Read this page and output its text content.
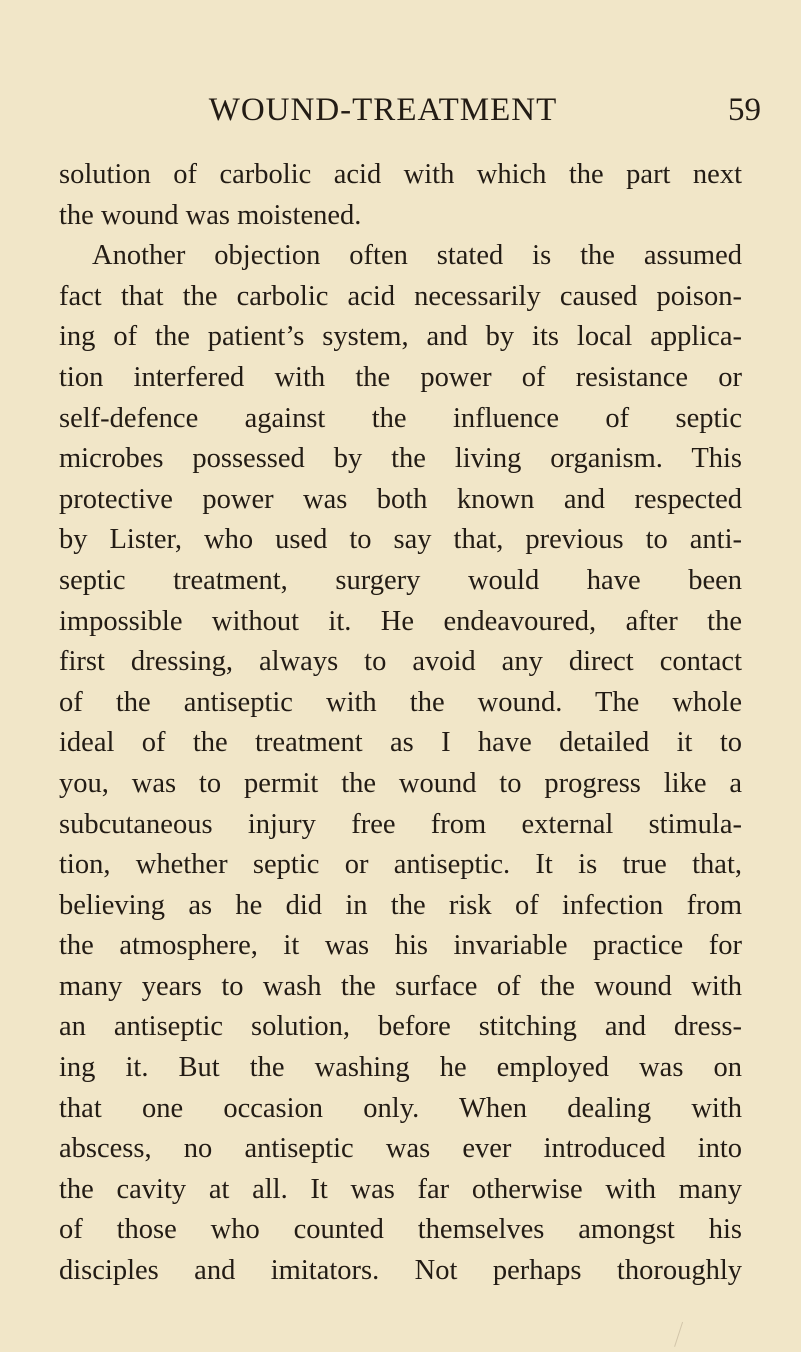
WOUND-TREATMENT	59
solution of carbolic acid with which the part next
the wound was moistened.
Another objection often stated is the assumed
fact that the carbolic acid necessarily caused poison-
ing of the patient’s system, and by its local applica-
tion interfered with the power of resistance or
self-defence against the influence of septic
microbes possessed by the living organism. This
protective power was both known and respected
by Lister, who used to say that, previous to anti-
septic treatment, surgery would have been
impossible without it. He endeavoured, after the
first dressing, always to avoid any direct contact
of the antiseptic with the wound. The whole
ideal of the treatment as I have detailed it to
you, was to permit the wound to progress like a
subcutaneous injury free from external stimula-
tion, whether septic or antiseptic. It is true that,
believing as he did in the risk of infection from
the atmosphere, it was his invariable practice for
many years to wash the surface of the wound with
an antiseptic solution, before stitching and dress-
ing it. But the washing he employed was on
that one occasion only. When dealing with
abscess, no antiseptic was ever introduced into
the cavity at all. It was far otherwise with many
of those who counted themselves amongst his
disciples and imitators. Not perhaps thoroughly
